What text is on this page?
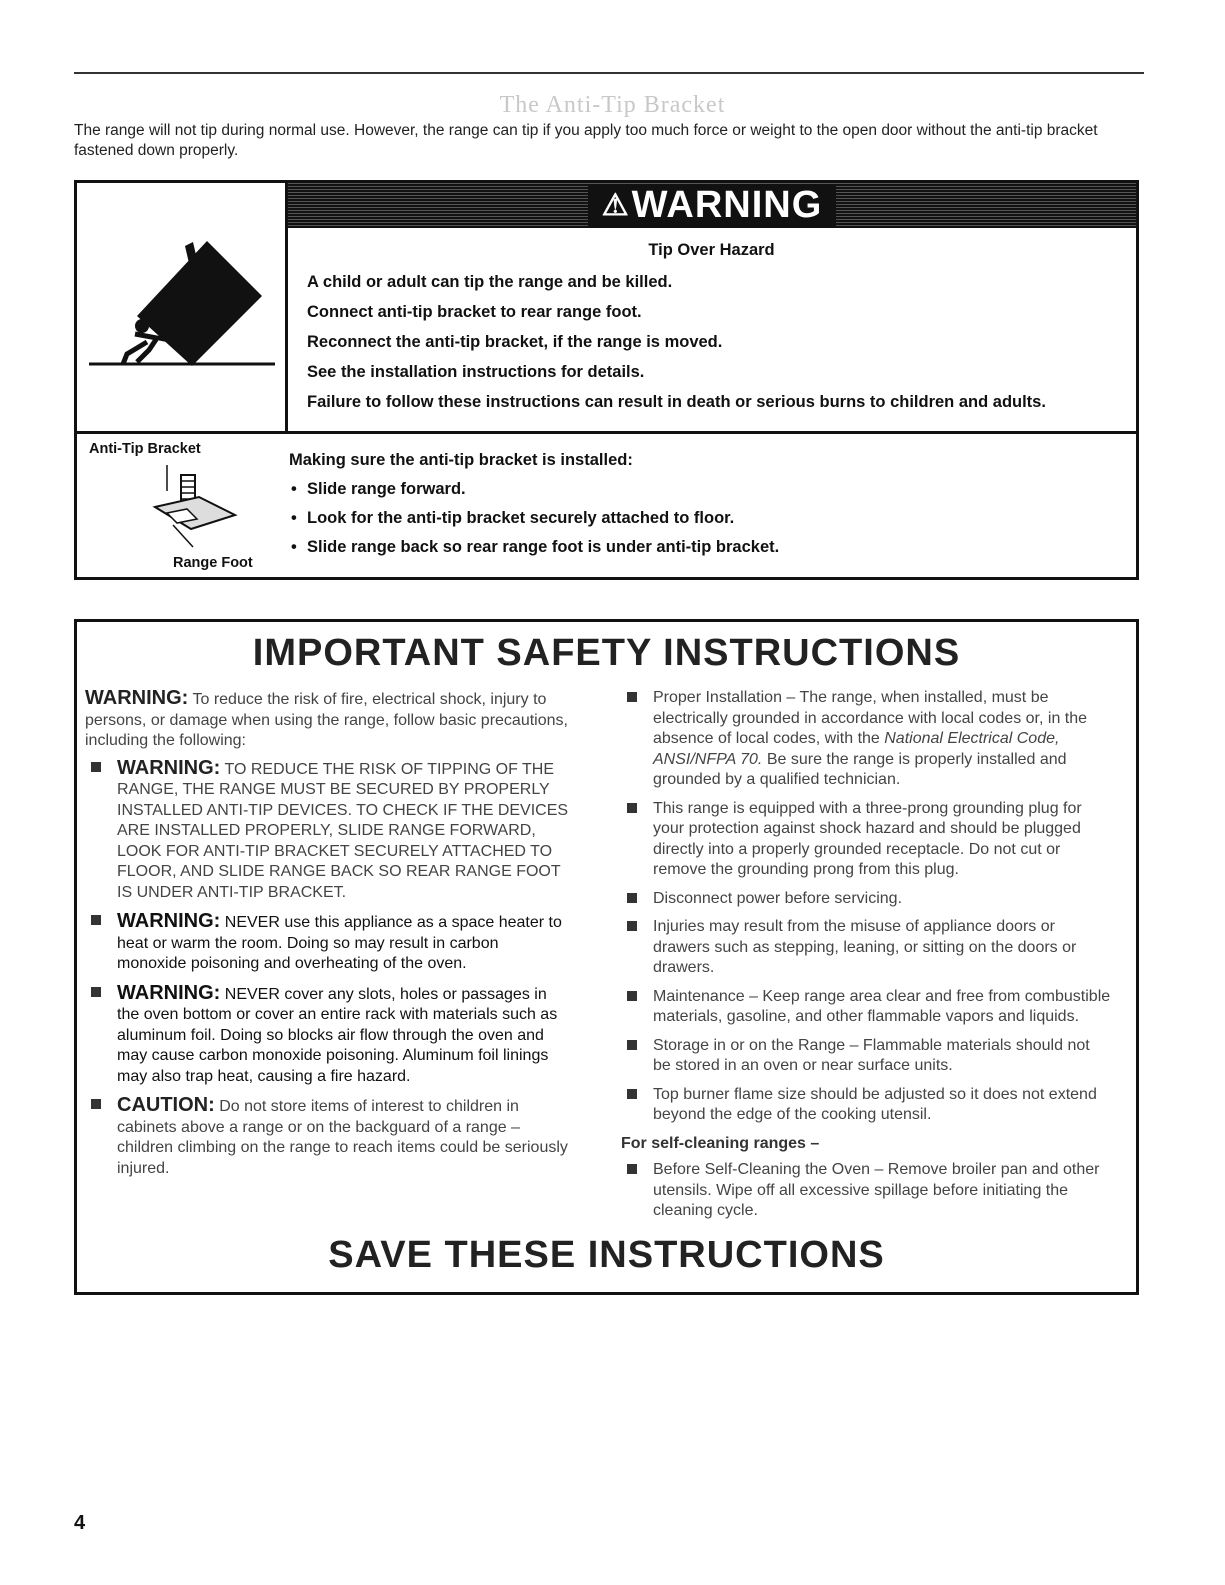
The Anti-Tip Bracket
The range will not tip during normal use. However, the range can tip if you apply too much force or weight to the open door without the anti-tip bracket fastened down properly.
⚠ WARNING
Tip Over Hazard
A child or adult can tip the range and be killed.
Connect anti-tip bracket to rear range foot.
Reconnect the anti-tip bracket, if the range is moved.
See the installation instructions for details.
Failure to follow these instructions can result in death or serious burns to children and adults.
Anti-Tip Bracket
Range Foot
Making sure the anti-tip bracket is installed:
• Slide range forward.
• Look for the anti-tip bracket securely attached to floor.
• Slide range back so rear range foot is under anti-tip bracket.
IMPORTANT SAFETY INSTRUCTIONS
WARNING: To reduce the risk of fire, electrical shock, injury to persons, or damage when using the range, follow basic precautions, including the following:
WARNING: TO REDUCE THE RISK OF TIPPING OF THE RANGE, THE RANGE MUST BE SECURED BY PROPERLY INSTALLED ANTI-TIP DEVICES. TO CHECK IF THE DEVICES ARE INSTALLED PROPERLY, SLIDE RANGE FORWARD, LOOK FOR ANTI-TIP BRACKET SECURELY ATTACHED TO FLOOR, AND SLIDE RANGE BACK SO REAR RANGE FOOT IS UNDER ANTI-TIP BRACKET.
WARNING: NEVER use this appliance as a space heater to heat or warm the room. Doing so may result in carbon monoxide poisoning and overheating of the oven.
WARNING: NEVER cover any slots, holes or passages in the oven bottom or cover an entire rack with materials such as aluminum foil. Doing so blocks air flow through the oven and may cause carbon monoxide poisoning. Aluminum foil linings may also trap heat, causing a fire hazard.
CAUTION: Do not store items of interest to children in cabinets above a range or on the backguard of a range – children climbing on the range to reach items could be seriously injured.
Proper Installation – The range, when installed, must be electrically grounded in accordance with local codes or, in the absence of local codes, with the National Electrical Code, ANSI/NFPA 70. Be sure the range is properly installed and grounded by a qualified technician.
This range is equipped with a three-prong grounding plug for your protection against shock hazard and should be plugged directly into a properly grounded receptacle. Do not cut or remove the grounding prong from this plug.
Disconnect power before servicing.
Injuries may result from the misuse of appliance doors or drawers such as stepping, leaning, or sitting on the doors or drawers.
Maintenance – Keep range area clear and free from combustible materials, gasoline, and other flammable vapors and liquids.
Storage in or on the Range – Flammable materials should not be stored in an oven or near surface units.
Top burner flame size should be adjusted so it does not extend beyond the edge of the cooking utensil.
For self-cleaning ranges –
Before Self-Cleaning the Oven – Remove broiler pan and other utensils. Wipe off all excessive spillage before initiating the cleaning cycle.
SAVE THESE INSTRUCTIONS
4
